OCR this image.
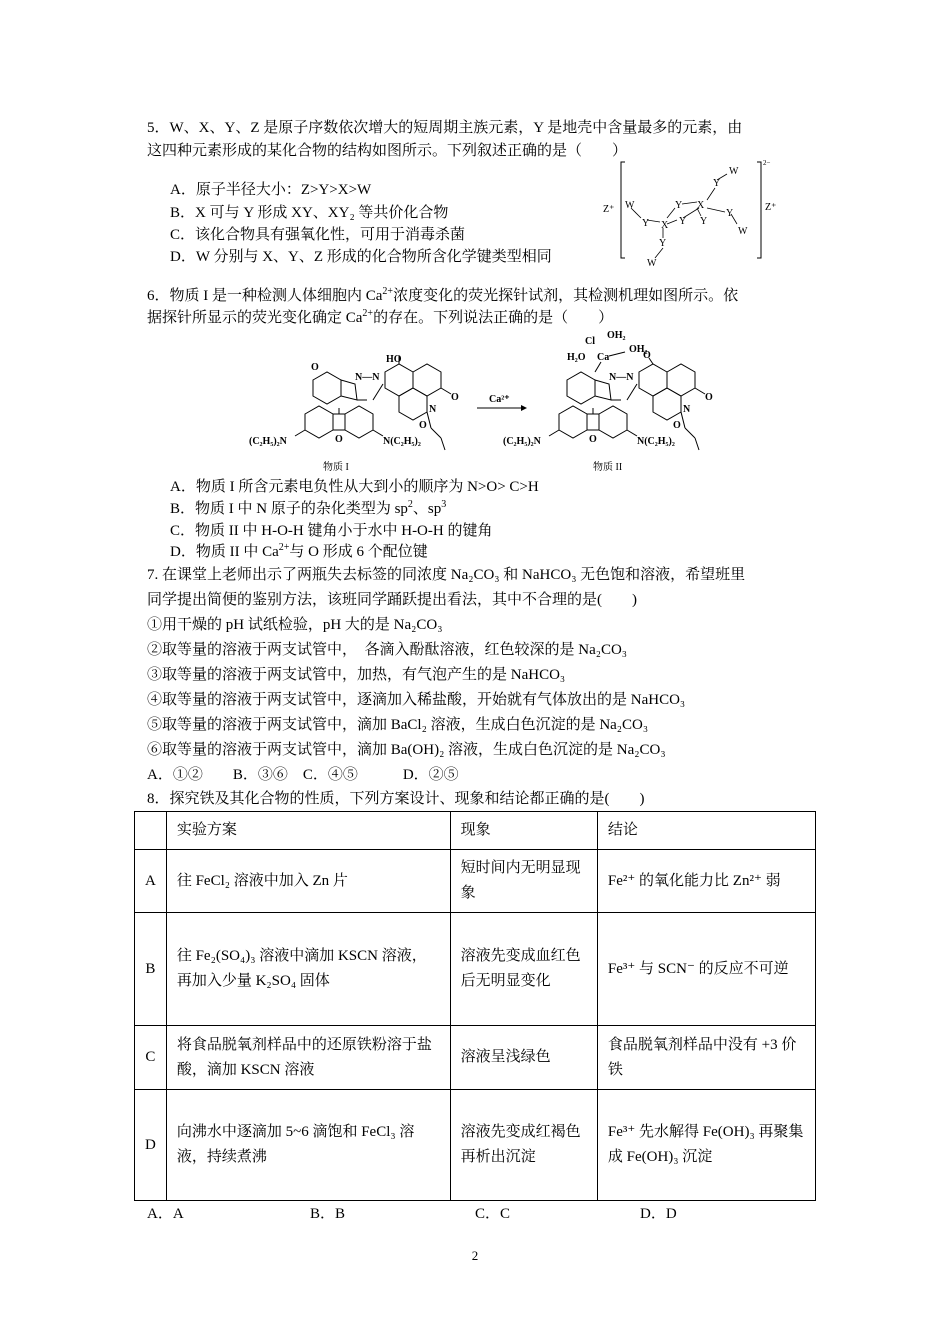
5．W、X、Y、Z 是原子序数依次增大的短周期主族元素，Y 是地壳中含量最多的元素，由
这四种元素形成的某化合物的结构如图所示。下列叙述正确的是（　　）
A．原子半径大小：Z>Y>X>W
B．X 可与 Y 形成 XY、XY₂ 等共价化合物
C．该化合物具有强氧化性，可用于消毒杀菌
D．W 分别与 X、Y、Z 形成的化合物所含化学键类型相同
2−
Z⁺	Z⁺
W
Y X
Y
Y
X
Y
Y
W
Y
W
Y
W
6．物质 I 是一种检测人体细胞内 $Ca^{2+}$浓度变化的荧光探针试剂，其检测机理如图所示。依
据探针所显示的荧光变化确定 $Ca^{2+}$的存在。下列说法正确的是（　　）
O
N—N
HO
O
O
N
O
(C₂H₅)₂N	N(C₂H₅)₂
物质 I
Ca²⁺
Ca
Cl
OH₂
OH₂
H₂O	O
N—N
O
O
N
O
(C₂H₅)₂N	N(C₂H₅)₂
物质 II
A．物质 I 所含元素电负性从大到小的顺序为 N>O> C>H
B．物质 I 中 N 原子的杂化类型为 $sp^2$、$sp^3$
C．物质 II 中 H-O-H 键角小于水中 H-O-H 的键角
D．物质 II 中 $Ca^{2+}$与 O 形成 6 个配位键
7. 在课堂上老师出示了两瓶失去标签的同浓度 Na₂CO₃ 和 NaHCO₃ 无色饱和溶液，希望班里
同学提出简便的鉴别方法，该班同学踊跃提出看法，其中不合理的是(　　)
①用干燥的 pH 试纸检验，pH 大的是 Na₂CO₃
②取等量的溶液于两支试管中，　各滴入酚酞溶液，红色较深的是 Na₂CO₃
③取等量的溶液于两支试管中，加热，有气泡产生的是 NaHCO₃
④取等量的溶液于两支试管中，逐滴加入稀盐酸，开始就有气体放出的是 NaHCO₃
⑤取等量的溶液于两支试管中，滴加 BaCl₂ 溶液，生成白色沉淀的是 Na₂CO₃
⑥取等量的溶液于两支试管中，滴加 Ba(OH)₂ 溶液，生成白色沉淀的是 Na₂CO₃
A．①②　　B．③⑥　C．④⑤　　　D．②⑤
8．探究铁及其化合物的性质，下列方案设计、现象和结论都正确的是(　　)
	实验方案	现象	结论
A	往 FeCl₂ 溶液中加入 Zn 片	短时间内无明显现象	Fe²⁺ 的氧化能力比 Zn²⁺ 弱
B	往 Fe₂(SO₄)₃ 溶液中滴加 KSCN 溶液，再加入少量 K₂SO₄ 固体	溶液先变成血红色后无明显变化	Fe³⁺ 与 SCN⁻ 的反应不可逆
C	将食品脱氧剂样品中的还原铁粉溶于盐酸，滴加 KSCN 溶液	溶液呈浅绿色	食品脱氧剂样品中没有 +3 价铁
D	向沸水中逐滴加 5~6 滴饱和 FeCl₃ 溶液，持续煮沸	溶液先变成红褐色再析出沉淀	Fe³⁺ 先水解得 Fe(OH)₃ 再聚集成 Fe(OH)₃ 沉淀
A．A	B．B	C．C	D．D
2
